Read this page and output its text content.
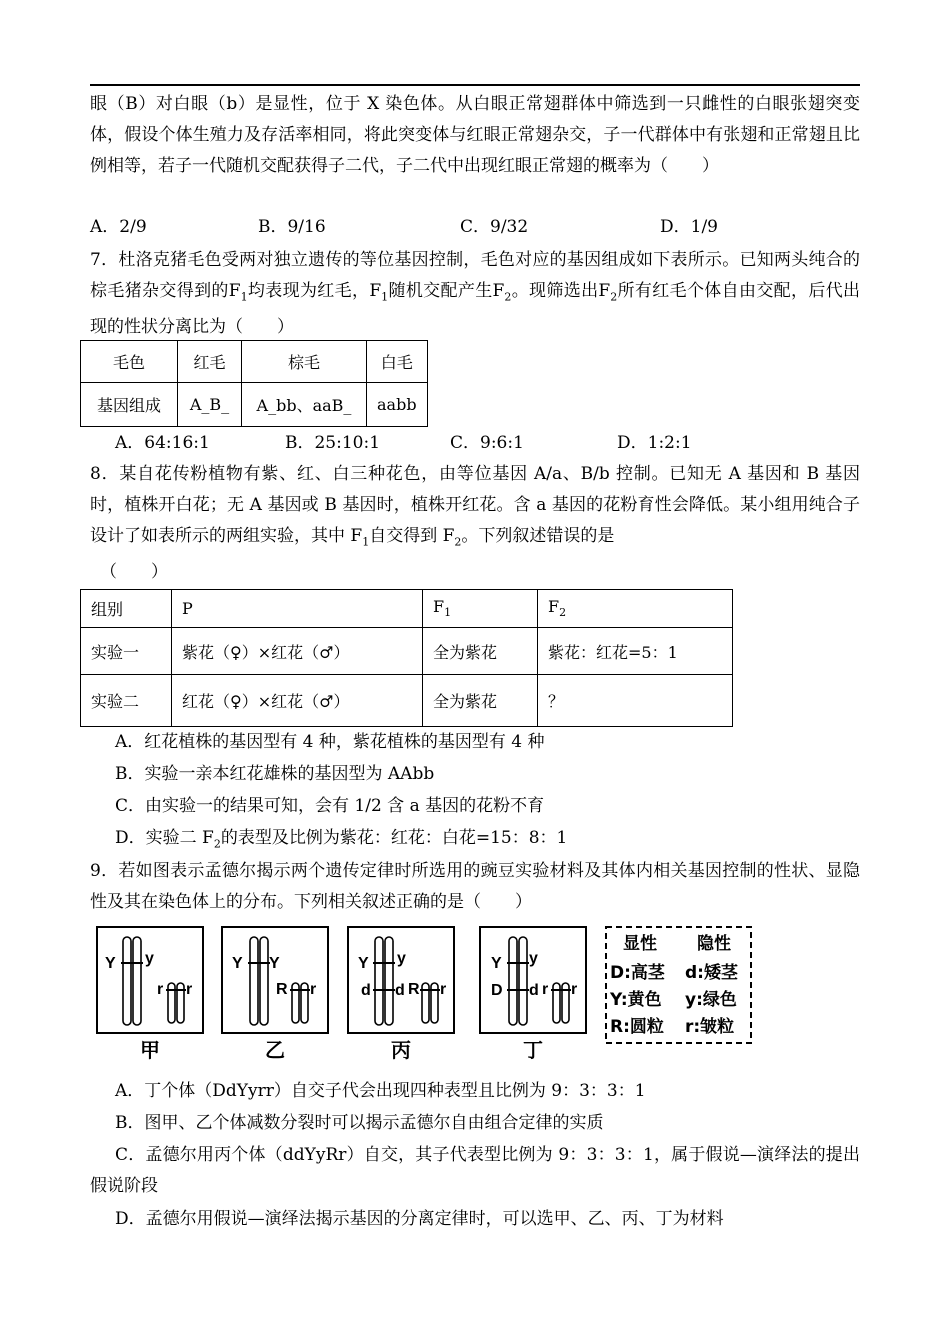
眼（B）对白眼（b）是显性，位于 X 染色体。从白眼正常翅群体中筛选到一只雌性的白眼张翅突变体，假设个体生殖力及存活率相同，将此突变体与红眼正常翅杂交，子一代群体中有张翅和正常翅且比例相等，若子一代随机交配获得子二代，子二代中出现红眼正常翅的概率为（　　）
A．2/9	B．9/16	C．9/32	D．1/9
7．杜洛克猪毛色受两对独立遗传的等位基因控制，毛色对应的基因组成如下表所示。已知两头纯合的棕毛猪杂交得到的$F_1$均表现为红毛，$F_1$随机交配产生$F_2$。现筛选出$F_2$所有红毛个体自由交配，后代出现的性状分离比为（　　）
毛色	红毛	棕毛	白毛
基因组成	A_B_	A_bb、aaB_	aabb
A．64:16:1	B．25:10:1	C．9:6:1	D．1:2:1
8．某自花传粉植物有紫、红、白三种花色，由等位基因 A/a、B/b 控制。已知无 A 基因和 B 基因时，植株开白花；无 A 基因或 B 基因时，植株开红花。含 a 基因的花粉育性会降低。某小组用纯合子设计了如表所示的两组实验，其中 $F_1$自交得到 $F_2$。下列叙述错误的是
（　　）
组别	P	$F_1$	$F_2$
实验一	紫花（♀）×红花（♂）	全为紫花	紫花：红花=5：1
实验二	红花（♀）×红花（♂）	全为紫花	？
A．红花植株的基因型有 4 种，紫花植株的基因型有 4 种
B．实验一亲本红花雄株的基因型为 AAbb
C．由实验一的结果可知，会有 1/2 含 a 基因的花粉不育
D．实验二 $F_2$的表型及比例为紫花：红花：白花=15：8：1
9．若如图表示孟德尔揭示两个遗传定律时所选用的豌豆实验材料及其体内相关基因控制的性状、显隐性及其在染色体上的分布。下列相关叙述正确的是（　　）
Y y
r r
Y Y
R r
Y y
d d R r
Y y
D d r r
甲	乙	丙	丁
显性 隐性
D:高茎 d:矮茎
Y:黄色 y:绿色
R:圆粒 r:皱粒
A．丁个体（DdYyrr）自交子代会出现四种表型且比例为 9：3：3：1
B．图甲、乙个体减数分裂时可以揭示孟德尔自由组合定律的实质
C．孟德尔用丙个体（ddYyRr）自交，其子代表型比例为 9：3：3：1，属于假说—演绎法的提出假说阶段
D．孟德尔用假说—演绎法揭示基因的分离定律时，可以选甲、乙、丙、丁为材料
